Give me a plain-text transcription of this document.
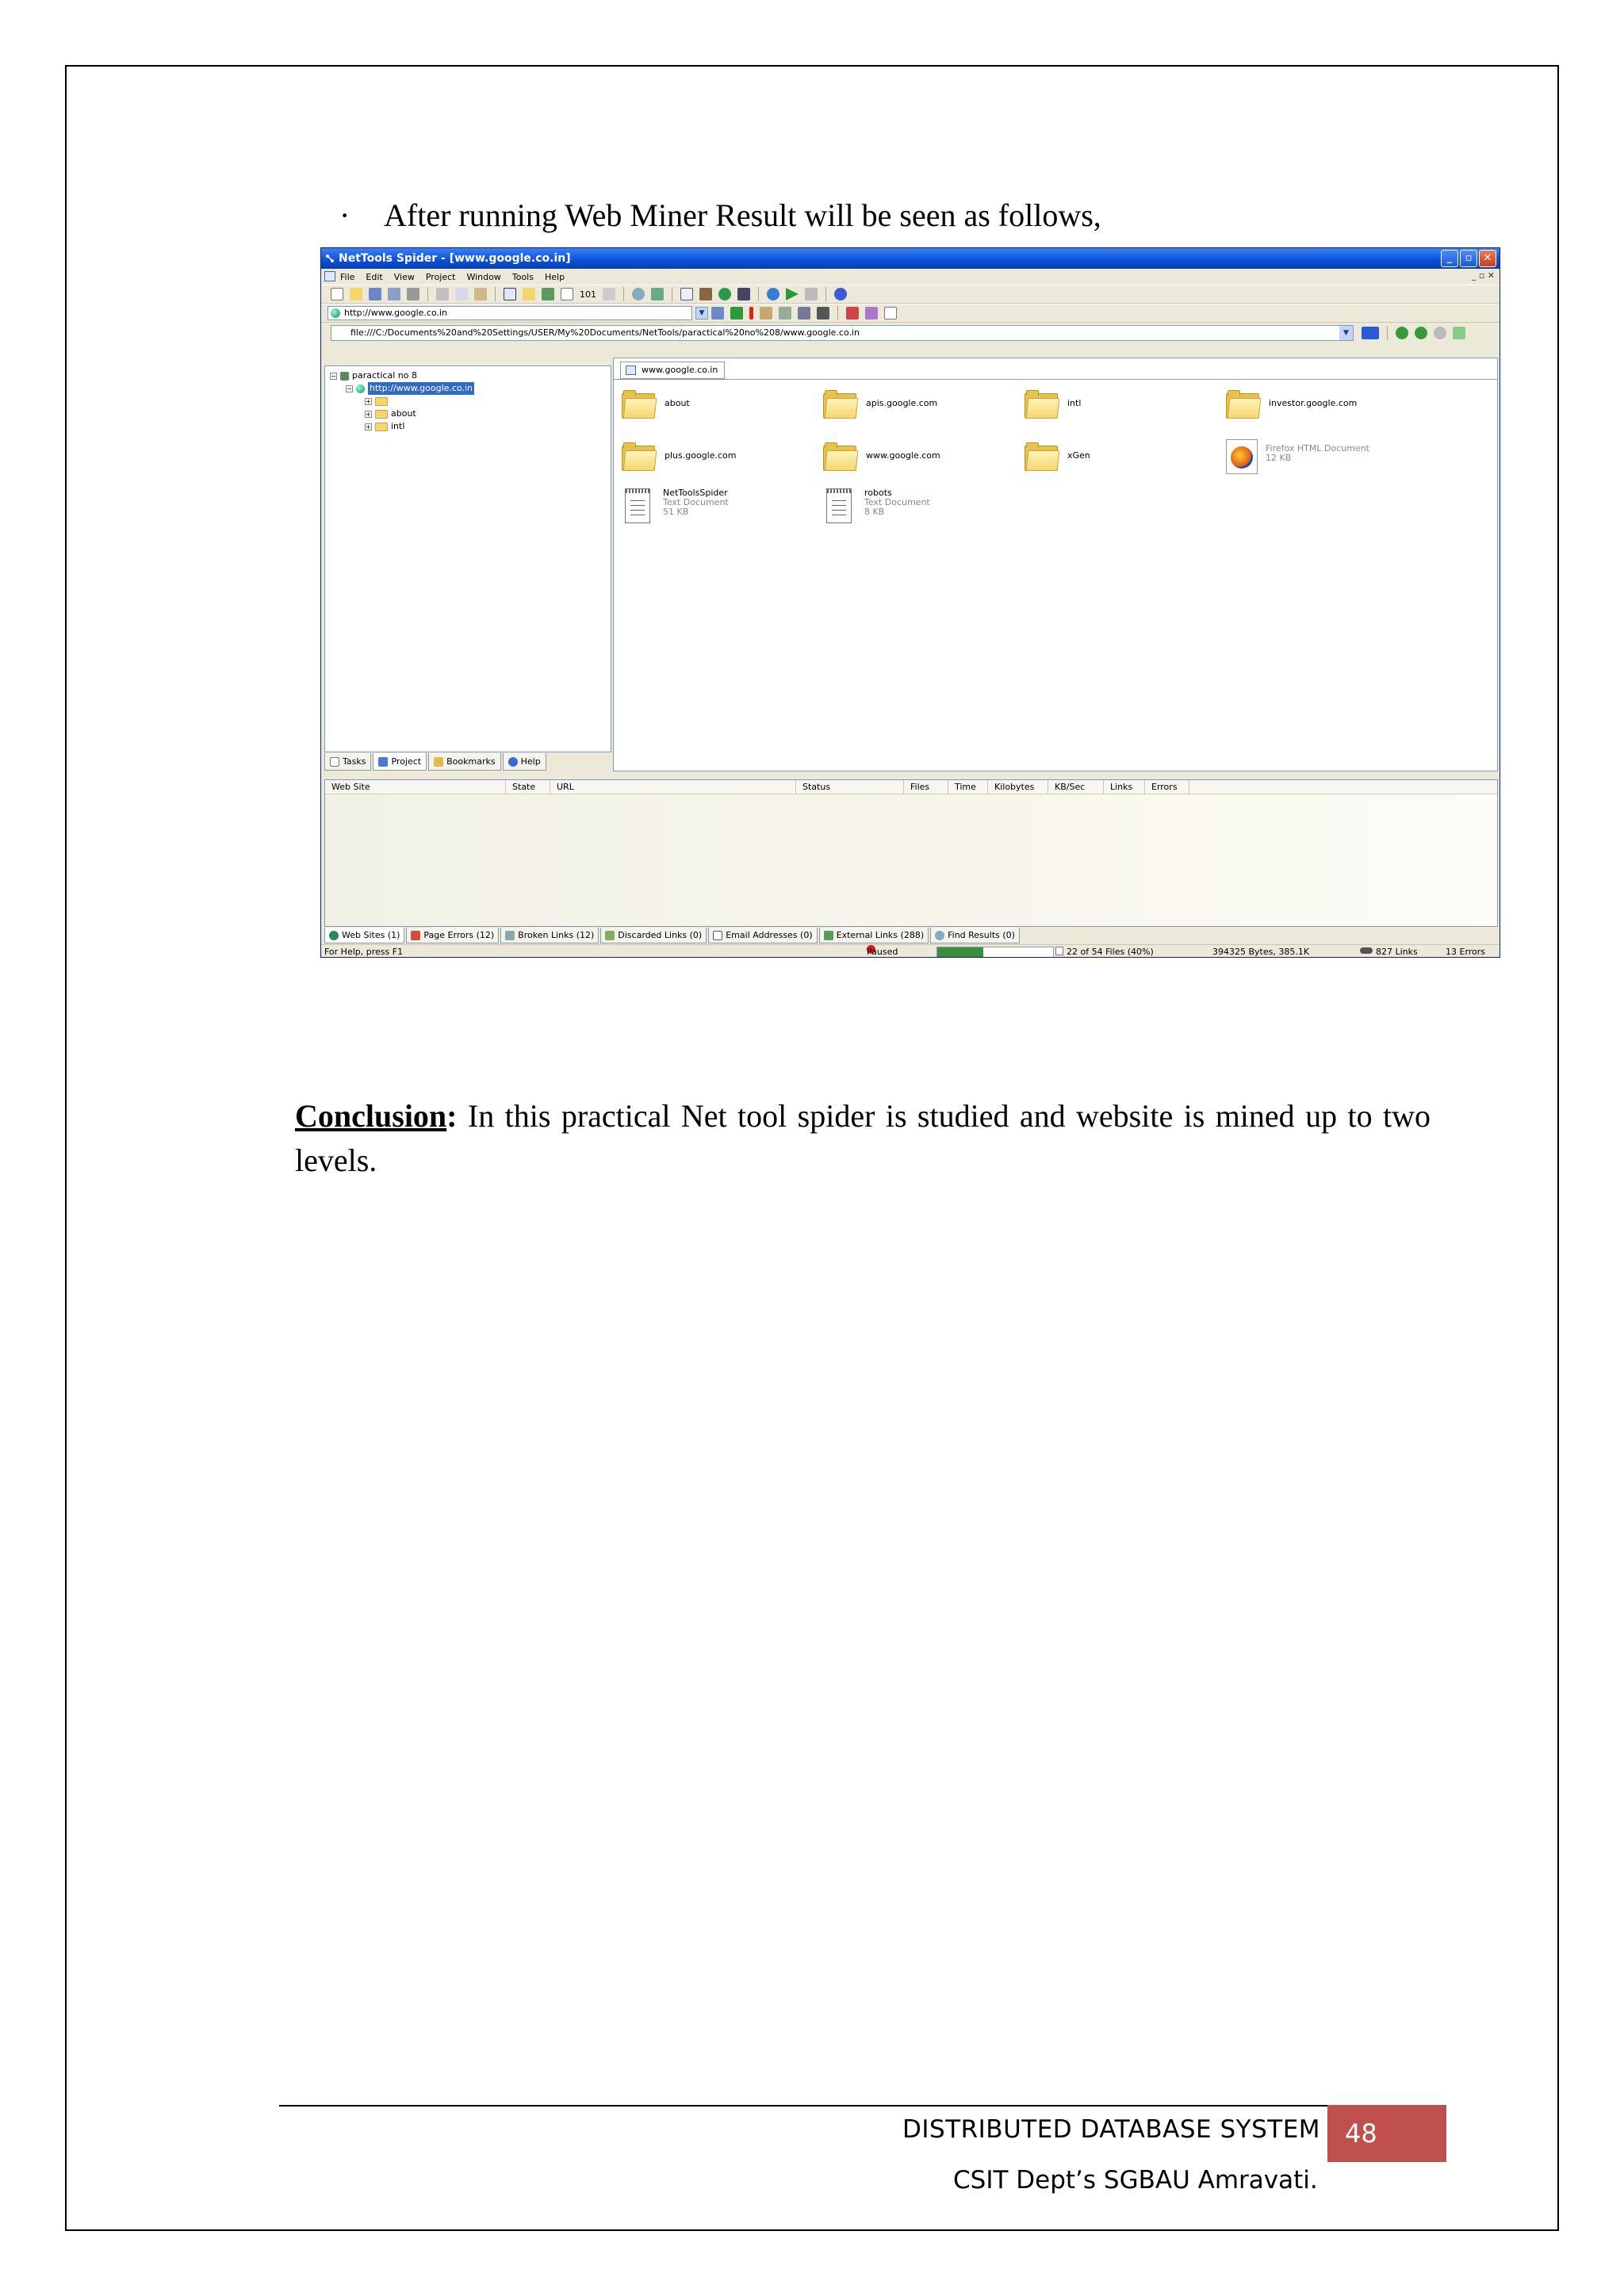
· After running Web Miner Result will be seen as follows,
NetTools Spider - [www.google.co.in]	_	▫	✕
File Edit View Project Window Tools Help	_ ▫ ✕
101
http://www.google.co.in	▼
file:///C:/Documents%20and%20Settings/USER/My%20Documents/NetTools/paractical%20no%208/www.google.co.in	▼
− paractical no 8
− http://www.google.co.in
+
+ about
+ intl
Tasks	Project	Bookmarks	Help
www.google.co.in
about	apis.google.com	intl	investor.google.com
plus.google.com	www.google.com	xGen
Firefox HTML Document
12 KB
NetToolsSpider
Text Document
51 KB
robots
Text Document
8 KB
Web Site	State	URL	Status	Files	Time	Kilobytes	KB/Sec	Links	Errors
Web Sites (1)	Page Errors (12)	Broken Links (12)	Discarded Links (0)	Email Addresses (0)	External Links (288)	Find Results (0)
For Help, press F1	Paused	22 of 54 Files (40%)	394325 Bytes, 385.1K	827 Links	13 Errors
Conclusion: In this practical Net tool spider is studied and website is mined up to two levels.
DISTRIBUTED DATABASE SYSTEM 48
CSIT Dept’s SGBAU Amravati.
